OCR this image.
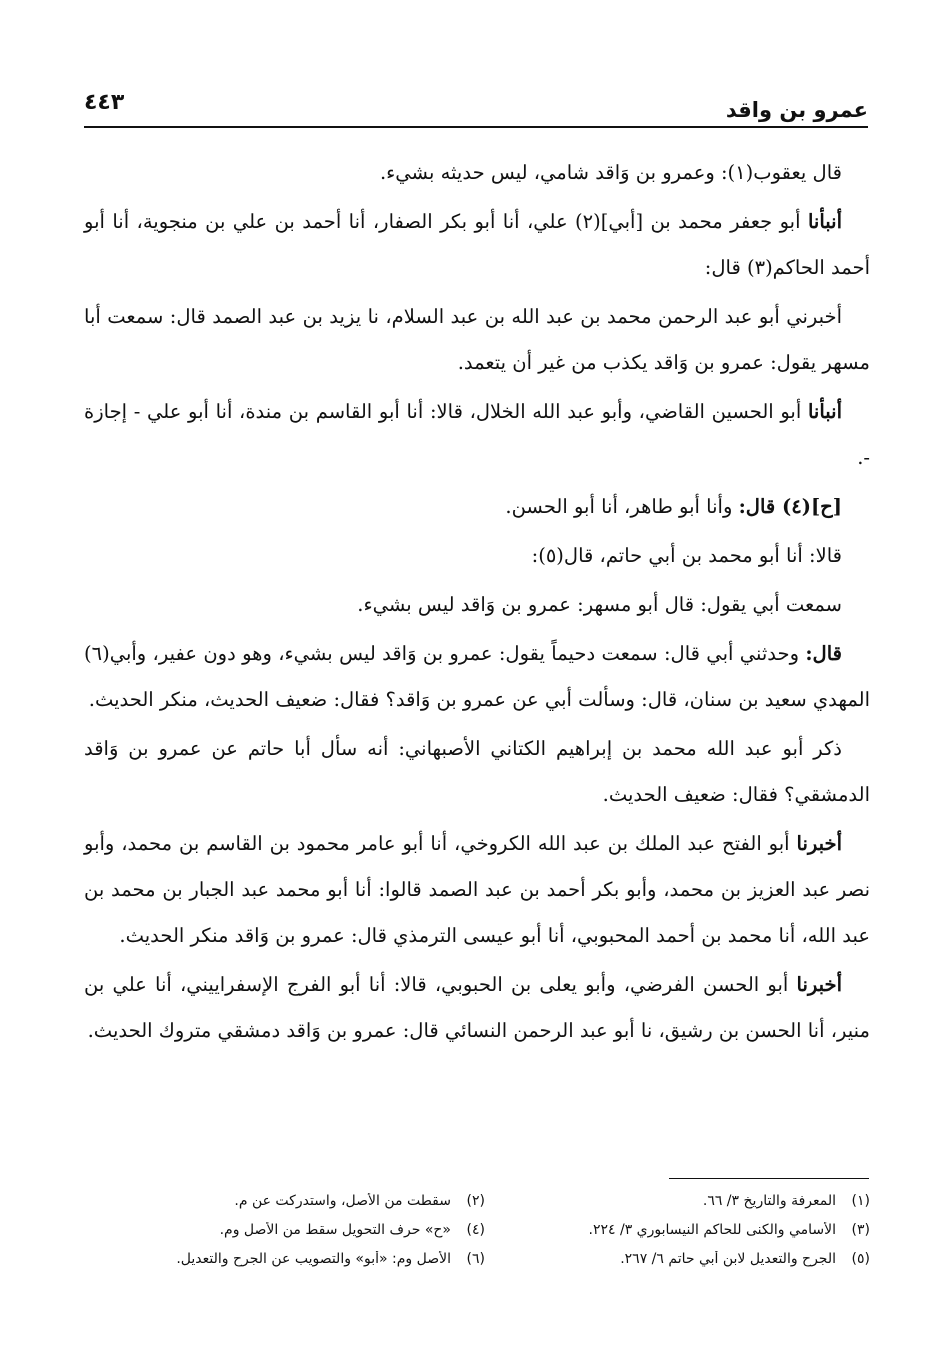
عمرو بن واقد
٤٤٣

قال يعقوب(١): وعمرو بن وَاقد شامي، ليس حديثه بشيء.

أنبأنا أبو جعفر محمد بن [أبي](٢) علي، أنا أبو بكر الصفار، أنا أحمد بن علي بن منجوية، أنا أبو أحمد الحاكم(٣) قال:

أخبرني أبو عبد الرحمن محمد بن عبد الله بن عبد السلام، نا يزيد بن عبد الصمد قال: سمعت أبا مسهر يقول: عمرو بن وَاقد يكذب من غير أن يتعمد.

أنبأنا أبو الحسين القاضي، وأبو عبد الله الخلال، قالا: أنا أبو القاسم بن مندة، أنا أبو علي - إجازة -.

[ح](٤) قال: وأنا أبو طاهر، أنا أبو الحسن.

قالا: أنا أبو محمد بن أبي حاتم، قال(٥):

سمعت أبي يقول: قال أبو مسهر: عمرو بن وَاقد ليس بشيء.

قال: وحدثني أبي قال: سمعت دحيماً يقول: عمرو بن وَاقد ليس بشيء، وهو دون عفير، وأبي(٦) المهدي سعيد بن سنان، قال: وسألت أبي عن عمرو بن وَاقد؟ فقال: ضعيف الحديث، منكر الحديث.

ذكر أبو عبد الله محمد بن إبراهيم الكتاني الأصبهاني: أنه سأل أبا حاتم عن عمرو بن وَاقد الدمشقي؟ فقال: ضعيف الحديث.

أخبرنا أبو الفتح عبد الملك بن عبد الله الكروخي، أنا أبو عامر محمود بن القاسم بن محمد، وأبو نصر عبد العزيز بن محمد، وأبو بكر أحمد بن عبد الصمد قالوا: أنا أبو محمد عبد الجبار بن محمد بن عبد الله، أنا محمد بن أحمد المحبوبي، أنا أبو عيسى الترمذي قال: عمرو بن وَاقد منكر الحديث.

أخبرنا أبو الحسن الفرضي، وأبو يعلى بن الحبوبي، قالا: أنا أبو الفرج الإسفراييني، أنا علي بن منير، أنا الحسن بن رشيق، نا أبو عبد الرحمن النسائي قال: عمرو بن وَاقد دمشقي متروك الحديث.

(١)المعرفة والتاريخ ٣/ ٦٦.
(٢)سقطت من الأصل، واستدركت عن م.
(٣)الأسامي والكنى للحاكم النيسابوري ٣/ ٢٢٤.
(٤)«ح» حرف التحويل سقط من الأصل وم.
(٥)الجرح والتعديل لابن أبي حاتم ٦/ ٢٦٧.
(٦)الأصل وم: «أبو» والتصويب عن الجرح والتعديل.
